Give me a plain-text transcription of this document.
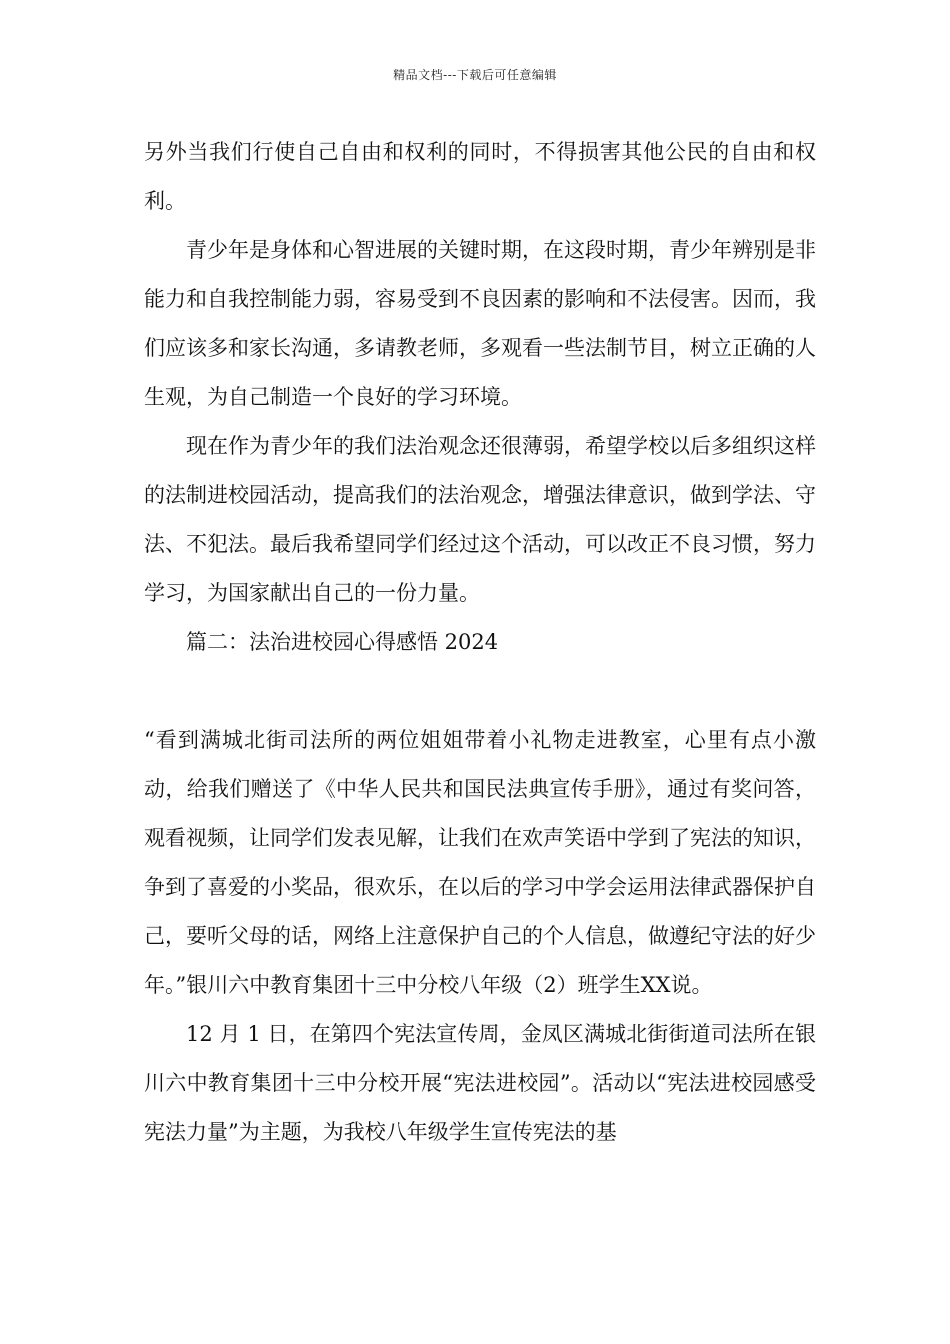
精品文档---下载后可任意编辑

另外当我们行使自己自由和权利的同时，不得损害其他公民的自由和权利。

青少年是身体和心智进展的关键时期，在这段时期，青少年辨别是非能力和自我控制能力弱，容易受到不良因素的影响和不法侵害。因而，我们应该多和家长沟通，多请教老师，多观看一些法制节目，树立正确的人生观，为自己制造一个良好的学习环境。

现在作为青少年的我们法治观念还很薄弱，希望学校以后多组织这样的法制进校园活动，提高我们的法治观念，增强法律意识，做到学法、守法、不犯法。最后我希望同学们经过这个活动，可以改正不良习惯，努力学习，为国家献出自己的一份力量。

篇二：法治进校园心得感悟 2024

“看到满城北街司法所的两位姐姐带着小礼物走进教室，心里有点小激动，给我们赠送了《中华人民共和国民法典宣传手册》，通过有奖问答，观看视频，让同学们发表见解，让我们在欢声笑语中学到了宪法的知识，争到了喜爱的小奖品，很欢乐，在以后的学习中学会运用法律武器保护自己，要听父母的话，网络上注意保护自己的个人信息，做遵纪守法的好少年。”银川六中教育集团十三中分校八年级（2）班学生XX说。

12 月 1 日，在第四个宪法宣传周，金凤区满城北街街道司法所在银川六中教育集团十三中分校开展“宪法进校园”。活动以“宪法进校园感受宪法力量”为主题，为我校八年级学生宣传宪法的基
